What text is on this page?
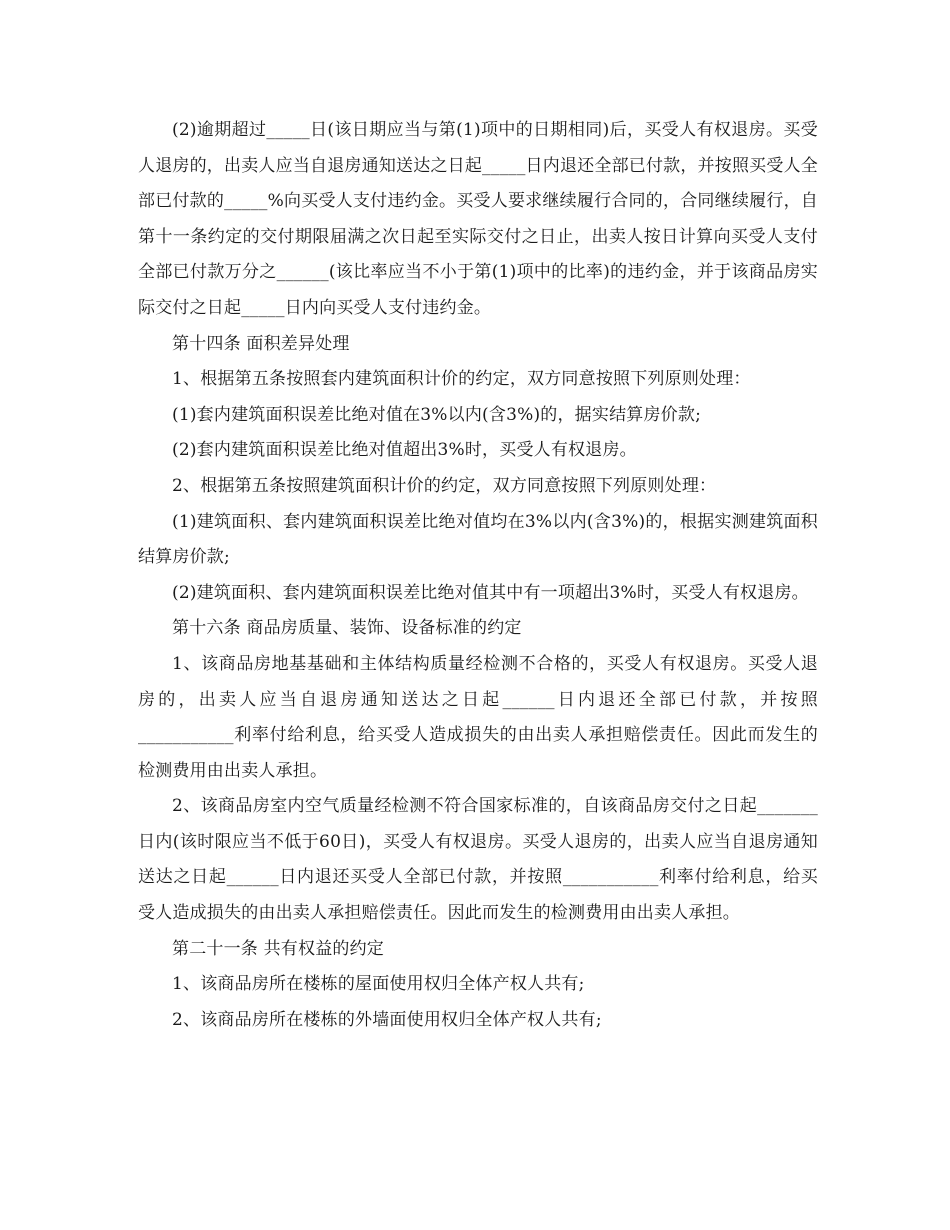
(2)逾期超过_____日(该日期应当与第(1)项中的日期相同)后，买受人有权退房。买受人退房的，出卖人应当自退房通知送达之日起_____日内退还全部已付款，并按照买受人全部已付款的_____%向买受人支付违约金。买受人要求继续履行合同的，合同继续履行，自第十一条约定的交付期限届满之次日起至实际交付之日止，出卖人按日计算向买受人支付全部已付款万分之______(该比率应当不小于第(1)项中的比率)的违约金，并于该商品房实际交付之日起_____日内向买受人支付违约金。

第十四条 面积差异处理

1、根据第五条按照套内建筑面积计价的约定，双方同意按照下列原则处理：

(1)套内建筑面积误差比绝对值在3%以内(含3%)的，据实结算房价款;

(2)套内建筑面积误差比绝对值超出3%时，买受人有权退房。

2、根据第五条按照建筑面积计价的约定，双方同意按照下列原则处理：

(1)建筑面积、套内建筑面积误差比绝对值均在3%以内(含3%)的，根据实测建筑面积结算房价款;

(2)建筑面积、套内建筑面积误差比绝对值其中有一项超出3%时，买受人有权退房。

第十六条 商品房质量、装饰、设备标准的约定

1、该商品房地基基础和主体结构质量经检测不合格的，买受人有权退房。买受人退房的，出卖人应当自退房通知送达之日起______日内退还全部已付款，并按照___________利率付给利息，给买受人造成损失的由出卖人承担赔偿责任。因此而发生的检测费用由出卖人承担。

2、该商品房室内空气质量经检测不符合国家标准的，自该商品房交付之日起_______日内(该时限应当不低于60日)，买受人有权退房。买受人退房的，出卖人应当自退房通知送达之日起______日内退还买受人全部已付款，并按照___________利率付给利息，给买受人造成损失的由出卖人承担赔偿责任。因此而发生的检测费用由出卖人承担。

第二十一条 共有权益的约定

1、该商品房所在楼栋的屋面使用权归全体产权人共有;

2、该商品房所在楼栋的外墙面使用权归全体产权人共有;
